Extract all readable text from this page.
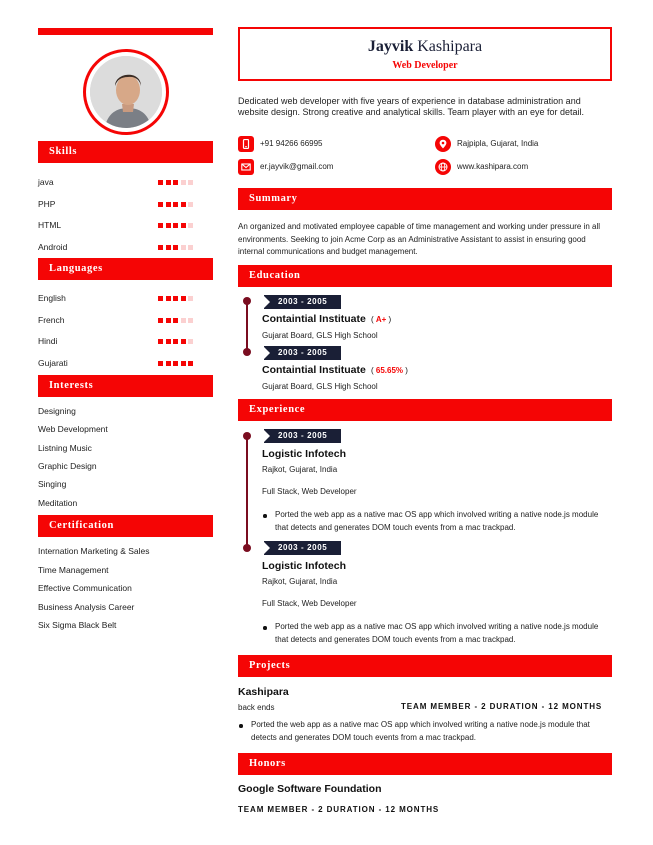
Skills
java
PHP
HTML
Android
Languages
English
French
Hindi
Gujarati
Interests
Designing
Web Development
Listning Music
Graphic Design
Singing
Meditation
Certification
Internation Marketing & Sales
Time Management
Effective Communication
Business Analysis Career
Six Sigma Black Belt
Jayvik Kashipara
Web Developer
Dedicated web developer with five years of experience in database administration and website design. Strong creative and analytical skills. Team player with an eye for detail.
+91 94266 66995	Rajpipla, Gujarat, India
er.jayvik@gmail.com	www.kashipara.com
Summary
An organized and motivated employee capable of time management and working under pressure in all environments. Seeking to join Acme Corp as an Administrative Assistant to assist in ensuring good internal communications and budget management.
Education
2003 - 2005
Containtial Instituate  ( A+ )
Gujarat Board, GLS High School
2003 - 2005
Containtial Instituate  ( 65.65% )
Gujarat Board, GLS High School
Experience
2003 - 2005
Logistic Infotech
Rajkot, Gujarat, India
Full Stack, Web Developer
Ported the web app as a native mac OS app which involved writing a native node.js module that detects and generates DOM touch events from a mac trackpad.
2003 - 2005
Logistic Infotech
Rajkot, Gujarat, India
Full Stack, Web Developer
Ported the web app as a native mac OS app which involved writing a native node.js module that detects and generates DOM touch events from a mac trackpad.
Projects
Kashipara
TEAM MEMBER - 2 DURATION - 12 MONTHS
back ends
Ported the web app as a native mac OS app which involved writing a native node.js module that detects and generates DOM touch events from a mac trackpad.
Honors
Google Software Foundation
TEAM MEMBER - 2 DURATION - 12 MONTHS
